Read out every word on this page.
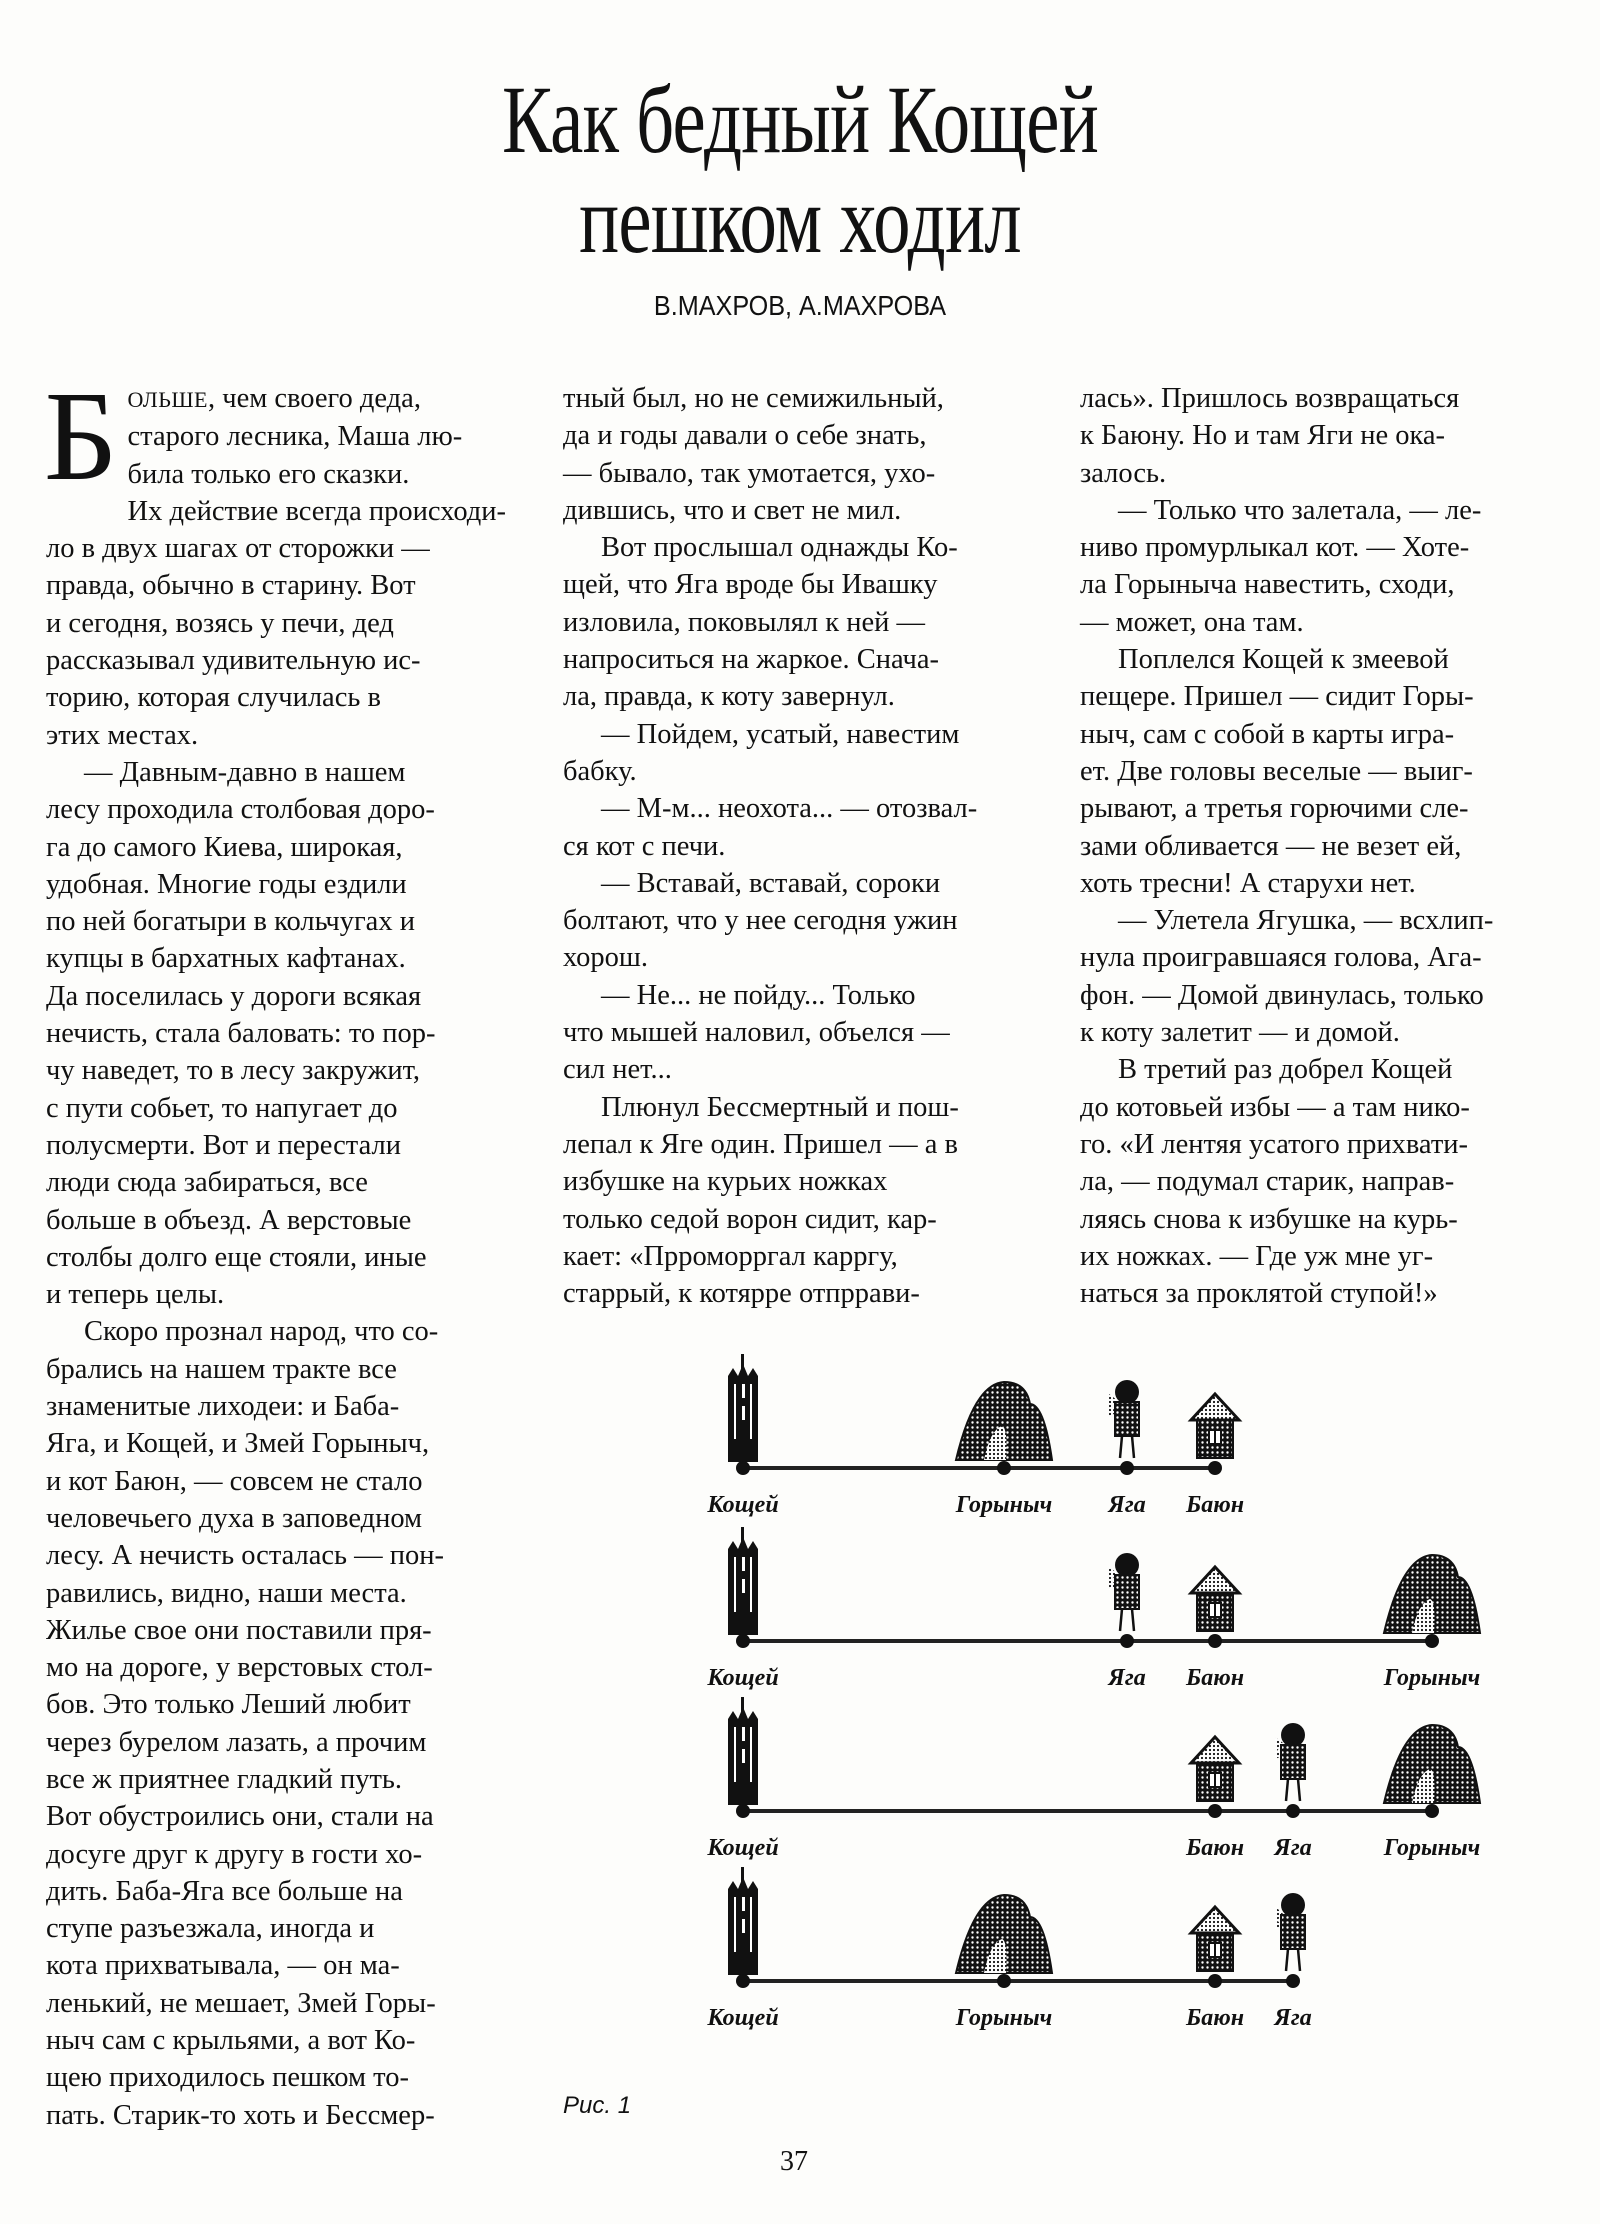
Как бедный Кощей
пешком ходил
В.МАХРОВ, А.МАХРОВА
Б ОЛЬШЕ, чем своего деда,

старого лесника, Маша лю-

била только его сказки.

Их действие всегда происходи-

ло в двух шагах от сторожки —

правда, обычно в старину. Вот

и сегодня, возясь у печи, дед

рассказывал удивительную ис-

торию, которая случилась в

этих местах.

— Давным-давно в нашем

лесу проходила столбовая доро-

га до самого Киева, широкая,

удобная. Многие годы ездили

по ней богатыри в кольчугах и

купцы в бархатных кафтанах.

Да поселилась у дороги всякая

нечисть, стала баловать: то пор-

чу наведет, то в лесу закружит,

с пути собьет, то напугает до

полусмерти. Вот и перестали

люди сюда забираться, все

больше в объезд. А верстовые

столбы долго еще стояли, иные

и теперь целы.

Скоро прознал народ, что со-

брались на нашем тракте все

знаменитые лиходеи: и Баба-

Яга, и Кощей, и Змей Горыныч,

и кот Баюн, — совсем не стало

человечьего духа в заповедном

лесу. А нечисть осталась — пон-

равились, видно, наши места.

Жилье свое они поставили пря-

мо на дороге, у верстовых стол-

бов. Это только Леший любит

через бурелом лазать, а прочим

все ж приятнее гладкий путь.

Вот обустроились они, стали на

досуге друг к другу в гости хо-

дить. Баба-Яга все больше на

ступе разъезжала, иногда и

кота прихватывала, — он ма-

ленький, не мешает, Змей Горы-

ныч сам с крыльями, а вот Ко-

щею приходилось пешком то-

пать. Старик-то хоть и Бессмер-

тный был, но не семижильный,

да и годы давали о себе знать,

— бывало, так умотается, ухо-

дившись, что и свет не мил.

Вот прослышал однажды Ко-

щей, что Яга вроде бы Ивашку

изловила, поковылял к ней —

напроситься на жаркое. Снача-

ла, правда, к коту завернул.

— Пойдем, усатый, навестим

бабку.

— М-м... неохота... — отозвал-

ся кот с печи.

— Вставай, вставай, сороки

болтают, что у нее сегодня ужин

хорош.

— Не... не пойду... Только

что мышей наловил, объелся —

сил нет...

Плюнул Бессмертный и пош-

лепал к Яге один. Пришел — а в

избушке на курьих ножках

только седой ворон сидит, кар-

кает: «Прроморргал карргу,

старрый, к котярре отпррави-

лась». Пришлось возвращаться

к Баюну. Но и там Яги не ока-

залось.

— Только что залетала, — ле-

ниво промурлыкал кот. — Хоте-

ла Горыныча навестить, сходи,

— может, она там.

Поплелся Кощей к змеевой

пещере. Пришел — сидит Горы-

ныч, сам с собой в карты игра-

ет. Две головы веселые — выиг-

рывают, а третья горючими сле-

зами обливается — не везет ей,

хоть тресни! А старухи нет.

— Улетела Ягушка, — всхлип-

нула проигравшаяся голова, Ага-

фон. — Домой двинулась, только

к коту залетит — и домой.

В третий раз добрел Кощей

до котовьей избы — а там нико-

го. «И лентяя усатого прихвати-

ла, — подумал старик, направ-

ляясь снова к избушке на курь-

их ножках. — Где уж мне уг-

наться за проклятой ступой!»

Кощей	Горыныч Яга Баюн
Кощей	Яга Баюн	Горыныч
Кощей	Баюн Яга	Горыныч
Кощей	Горыныч	Баюн Яга
Рис. 1
37
